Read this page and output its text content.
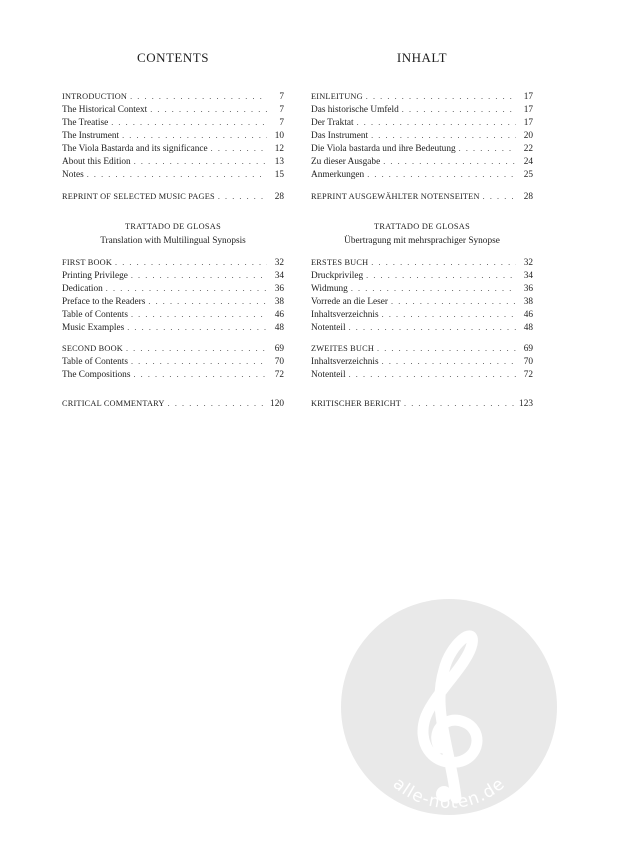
CONTENTS
INTRODUCTION . . .	7
The Historical Context . . .	7
The Treatise . . .	7
The Instrument . . .	10
The Viola Bastarda and its significance . . .	12
About this Edition . . .	13
Notes . . .	15
REPRINT OF SELECTED MUSIC PAGES . . .	28
TRATTADO DE GLOSAS
Translation with Multilingual Synopsis
FIRST BOOK . . .	32
Printing Privilege . . .	34
Dedication . . .	36
Preface to the Readers . . .	38
Table of Contents . . .	46
Music Examples . . .	48
SECOND BOOK . . .	69
Table of Contents . . .	70
The Compositions . . .	72
CRITICAL COMMENTARY . . .	120
INHALT
EINLEITUNG . . .	17
Das historische Umfeld . . .	17
Der Traktat . . .	17
Das Instrument . . .	20
Die Viola bastarda und ihre Bedeutung . . .	22
Zu dieser Ausgabe . . .	24
Anmerkungen . . .	25
REPRINT AUSGEWÄHLTER NOTENSEITEN . . .	28
TRATTADO DE GLOSAS
Übertragung mit mehrsprachiger Synopse
ERSTES BUCH . . .	32
Druckprivileg . . .	34
Widmung . . .	36
Vorrede an die Leser . . .	38
Inhaltsverzeichnis . . .	46
Notenteil . . .	48
ZWEITES BUCH . . .	69
Inhaltsverzeichnis . . .	70
Notenteil . . .	72
KRITISCHER BERICHT . . .	123
alle-noten.de
